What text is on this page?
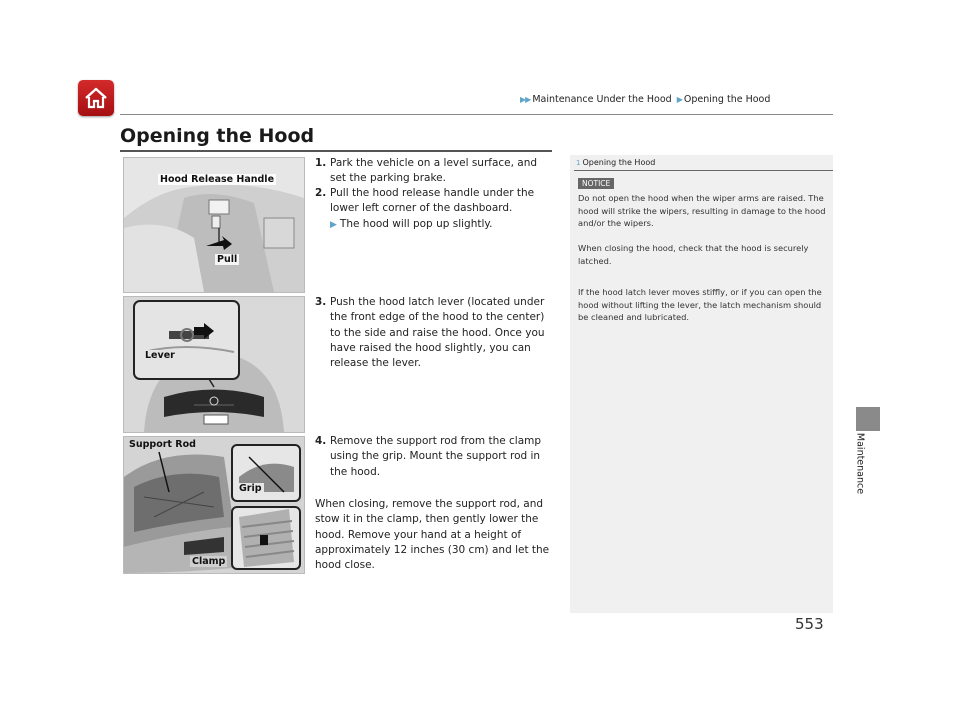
▶▶ Maintenance Under the Hood ▶ Opening the Hood
Opening the Hood
Maintenance
Hood Release Handle
Pull
Lever
Support Rod
Grip
Clamp
1. Park the vehicle on a level surface, and set the parking brake.
2. Pull the hood release handle under the lower left corner of the dashboard.
▶ The hood will pop up slightly.
3. Push the hood latch lever (located under the front edge of the hood to the center) to the side and raise the hood. Once you have raised the hood slightly, you can release the lever.
4. Remove the support rod from the clamp using the grip. Mount the support rod in the hood.
When closing, remove the support rod, and stow it in the clamp, then gently lower the hood. Remove your hand at a height of approximately 12 inches (30 cm) and let the hood close.
1 Opening the Hood
NOTICE
Do not open the hood when the wiper arms are raised. The hood will strike the wipers, resulting in damage to the hood and/or the wipers.
When closing the hood, check that the hood is securely latched.
If the hood latch lever moves stiffly, or if you can open the hood without lifting the lever, the latch mechanism should be cleaned and lubricated.
553
